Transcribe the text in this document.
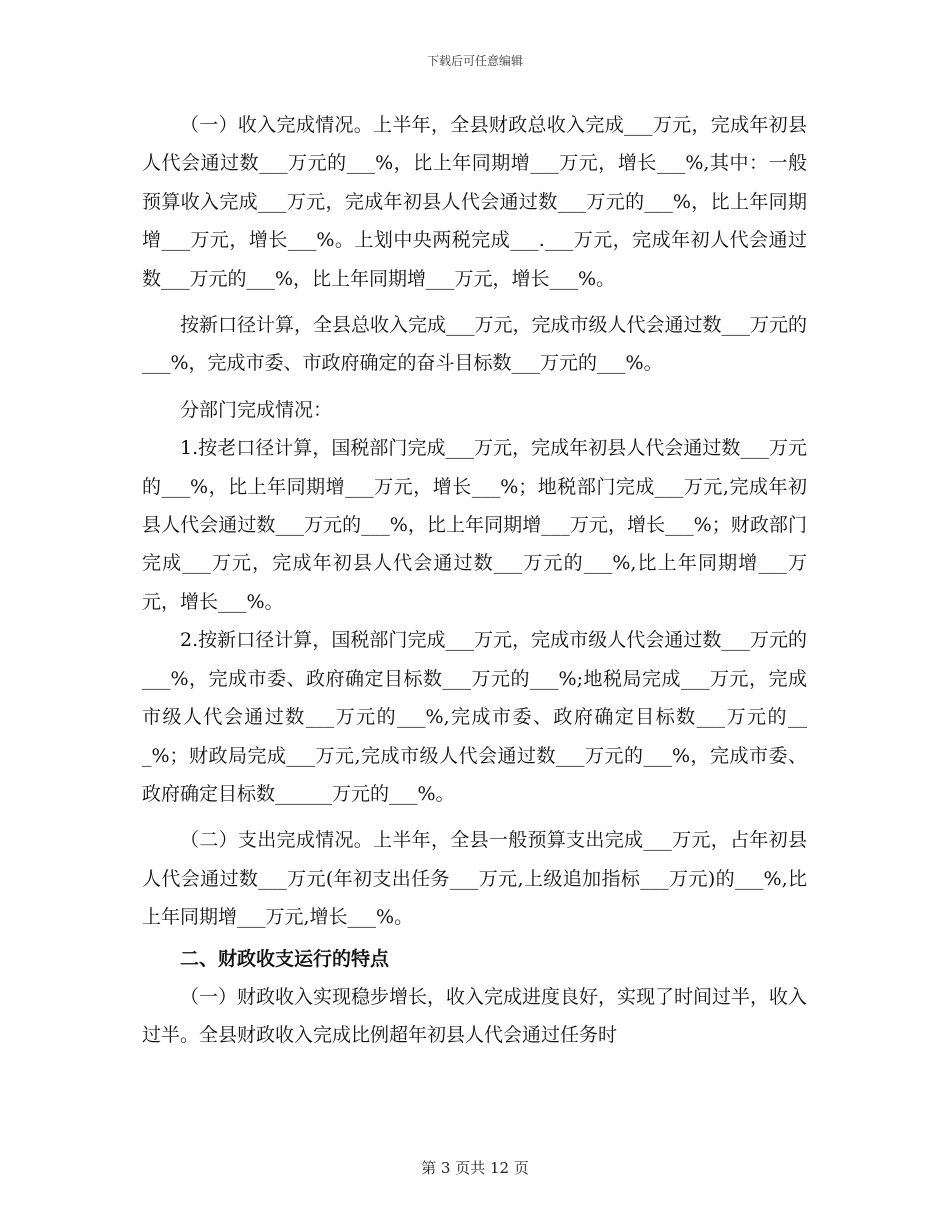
下载后可任意编辑

（一）收入完成情况。上半年，全县财政总收入完成___万元，完成年初县人代会通过数___万元的___%，比上年同期增___万元，增长___%,其中：一般预算收入完成___万元，完成年初县人代会通过数___万元的___%，比上年同期增___万元，增长___%。上划中央两税完成___.___万元，完成年初人代会通过数___万元的___%，比上年同期增___万元，增长___%。

按新口径计算，全县总收入完成___万元，完成市级人代会通过数___万元的___%，完成市委、市政府确定的奋斗目标数___万元的___%。

分部门完成情况：

1.按老口径计算，国税部门完成___万元，完成年初县人代会通过数___万元的___%，比上年同期增___万元，增长___%；地税部门完成___万元,完成年初县人代会通过数___万元的___%，比上年同期增___万元，增长___%；财政部门完成___万元，完成年初县人代会通过数___万元的___%,比上年同期增___万元，增长___%。

2.按新口径计算，国税部门完成___万元，完成市级人代会通过数___万元的___%，完成市委、政府确定目标数___万元的___%;地税局完成___万元，完成市级人代会通过数___万元的___%,完成市委、政府确定目标数___万元的___%；财政局完成___万元,完成市级人代会通过数___万元的___%，完成市委、政府确定目标数______万元的___%。

（二）支出完成情况。上半年，全县一般预算支出完成___万元，占年初县人代会通过数___万元(年初支出任务___万元,上级追加指标___万元)的___%,比上年同期增___万元,增长___%。

二、财政收支运行的特点

（一）财政收入实现稳步增长，收入完成进度良好，实现了时间过半，收入过半。全县财政收入完成比例超年初县人代会通过任务时

第 3 页共 12 页
